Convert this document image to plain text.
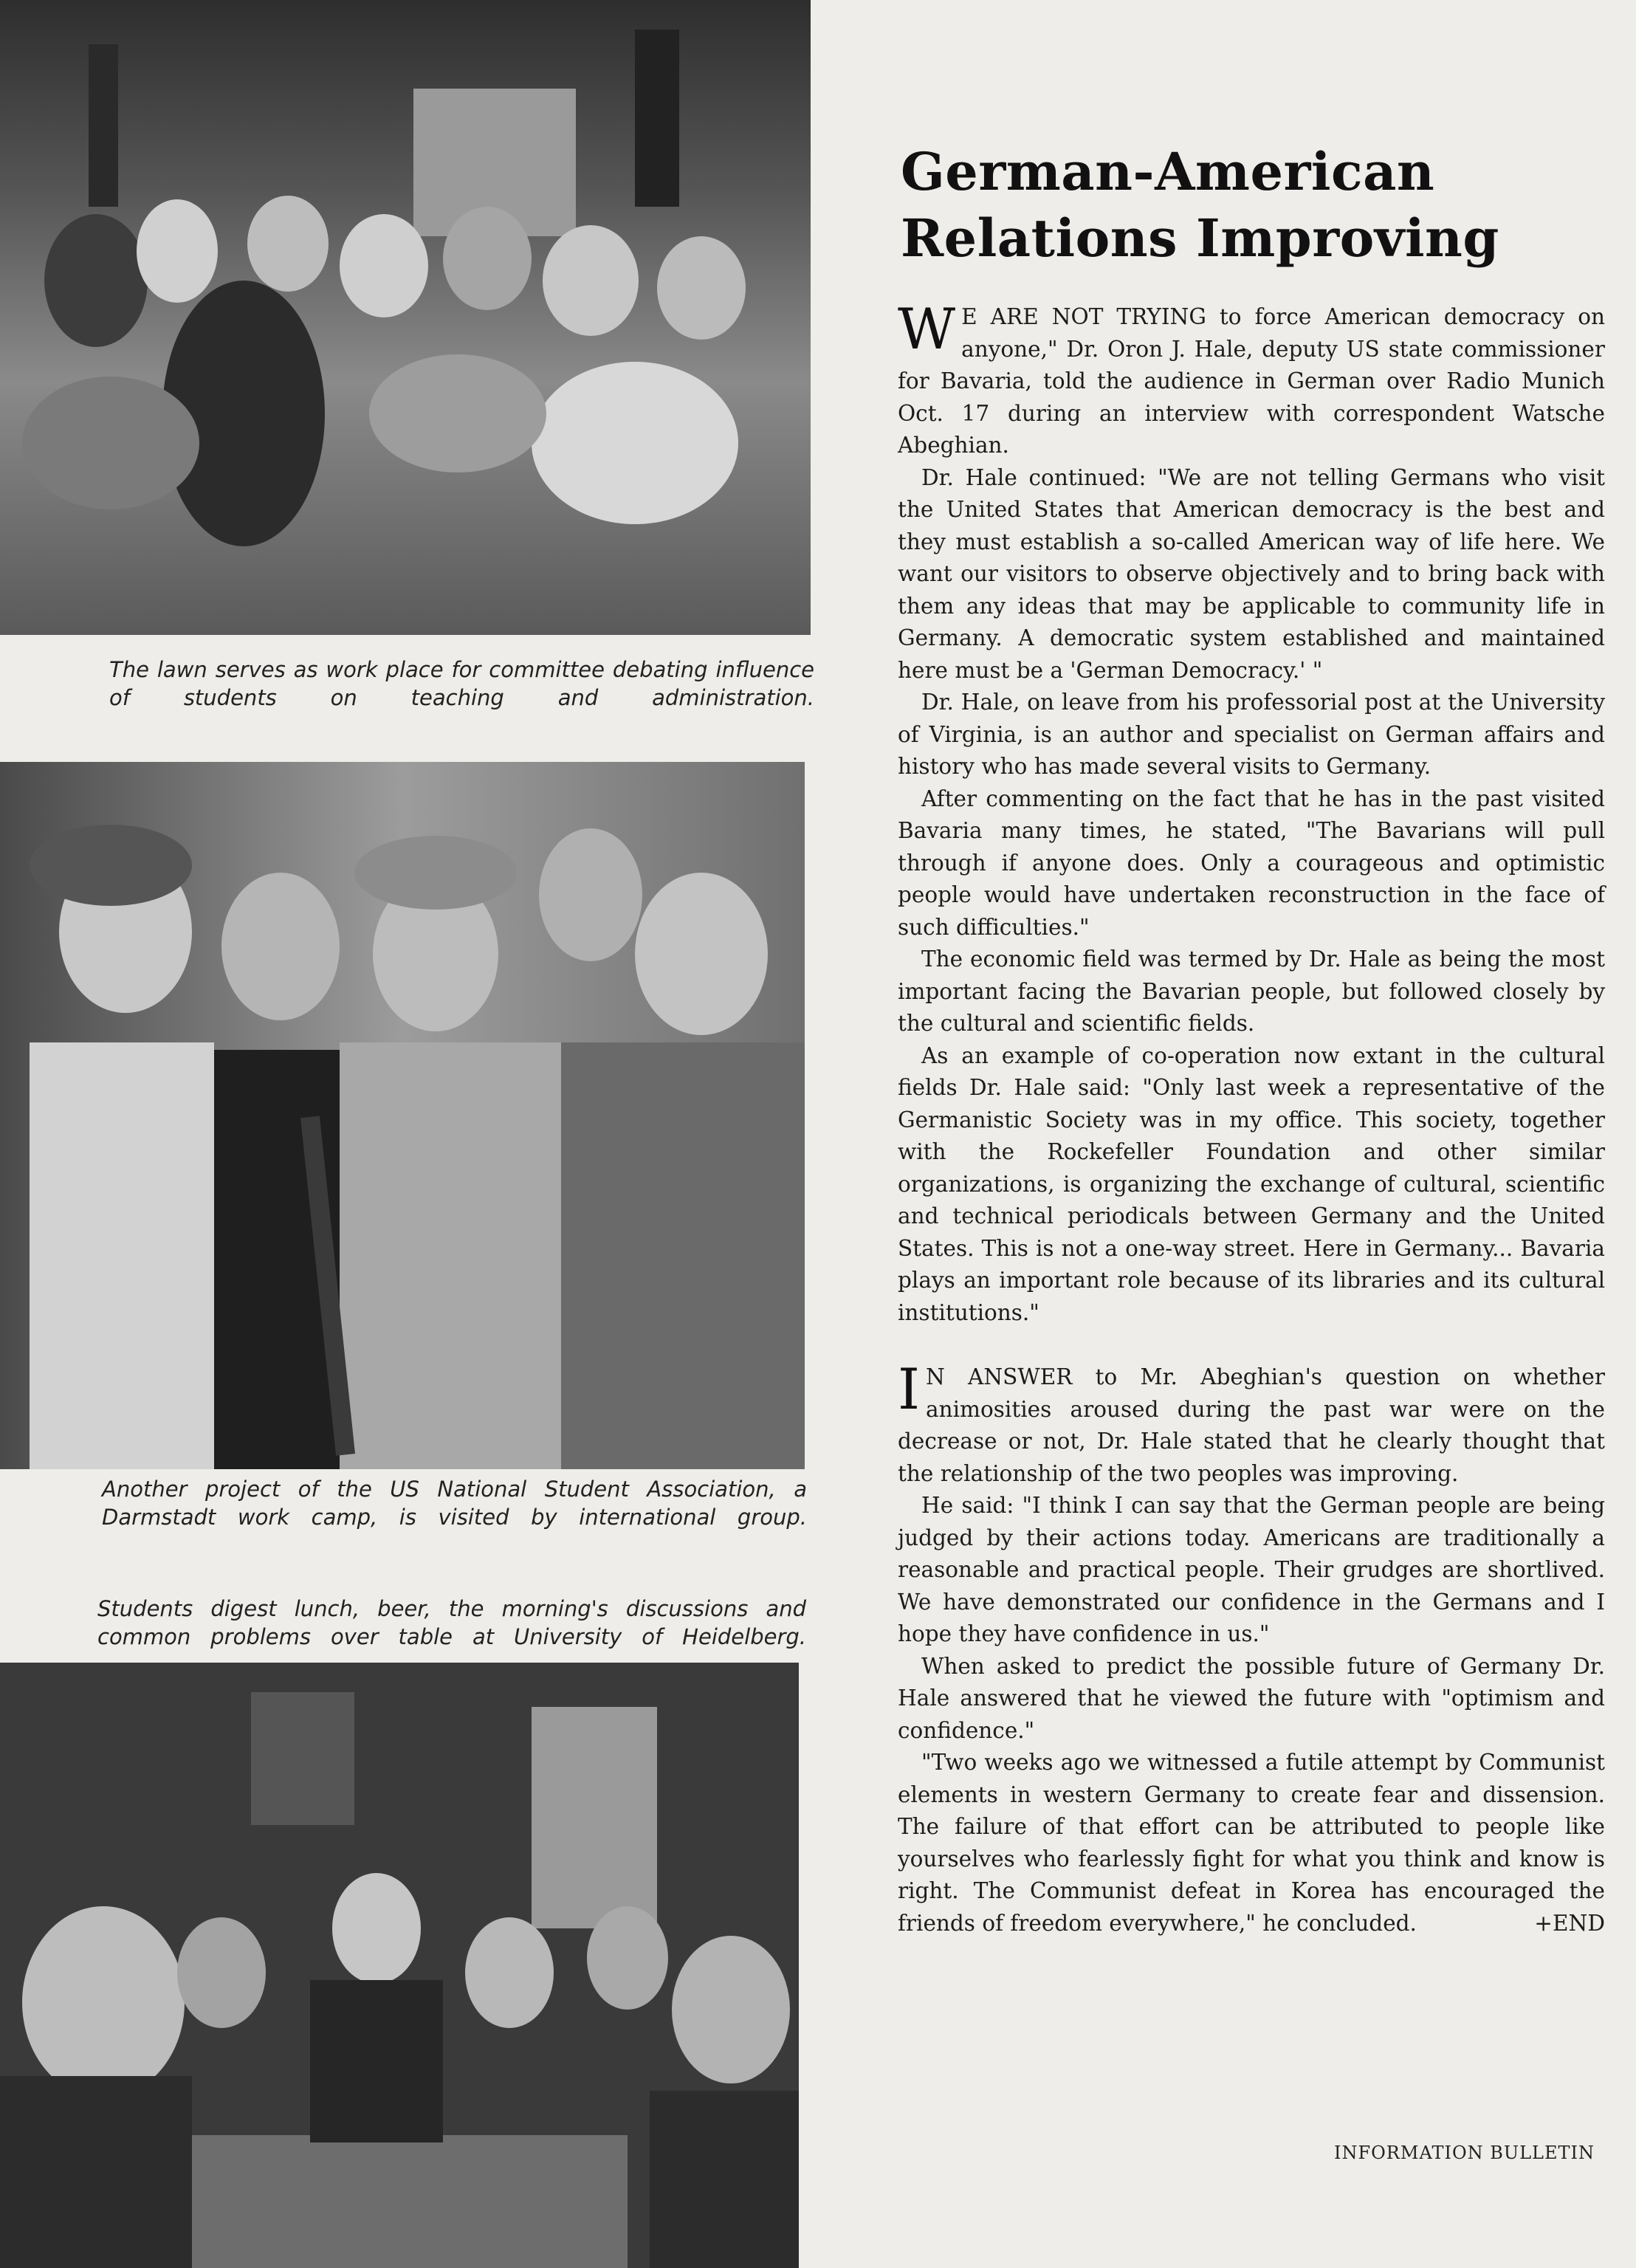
The lawn serves as work place for committee debating influence of students on teaching and administration.
Another project of the US National Student Association, a Darmstadt work camp, is visited by international group.
Students digest lunch, beer, the morning's discussions and common problems over table at University of Heidelberg.
German-American Relations Improving

W E ARE NOT TRYING to force American democracy on anyone," Dr. Oron J. Hale, deputy US state commissioner for Bavaria, told the audience in German over Radio Munich Oct. 17 during an interview with correspondent Watsche Abeghian.

Dr. Hale continued: "We are not telling Germans who visit the United States that American democracy is the best and they must establish a so-called American way of life here. We want our visitors to observe objectively and to bring back with them any ideas that may be applicable to community life in Germany. A democratic system established and maintained here must be a 'German Democracy.' "

Dr. Hale, on leave from his professorial post at the University of Virginia, is an author and specialist on German affairs and history who has made several visits to Germany.

After commenting on the fact that he has in the past visited Bavaria many times, he stated, "The Bavarians will pull through if anyone does. Only a courageous and optimistic people would have undertaken reconstruction in the face of such difficulties."

The economic field was termed by Dr. Hale as being the most important facing the Bavarian people, but followed closely by the cultural and scientific fields.

As an example of co-operation now extant in the cultural fields Dr. Hale said: "Only last week a representative of the Germanistic Society was in my office. This society, together with the Rockefeller Foundation and other similar organizations, is organizing the exchange of cultural, scientific and technical periodicals between Germany and the United States. This is not a one-way street. Here in Germany... Bavaria plays an important role because of its libraries and its cultural institutions."

I N ANSWER to Mr. Abeghian's question on whether animosities aroused during the past war were on the decrease or not, Dr. Hale stated that he clearly thought that the relationship of the two peoples was improving.

He said: "I think I can say that the German people are being judged by their actions today. Americans are traditionally a reasonable and practical people. Their grudges are shortlived. We have demonstrated our confidence in the Germans and I hope they have confidence in us."

When asked to predict the possible future of Germany Dr. Hale answered that he viewed the future with "optimism and confidence."

"Two weeks ago we witnessed a futile attempt by Communist elements in western Germany to create fear and dissension. The failure of that effort can be attributed to people like yourselves who fearlessly fight for what you think and know is right. The Communist defeat in Korea has encouraged the friends of freedom everywhere," he concluded.	+END

INFORMATION BULLETIN
